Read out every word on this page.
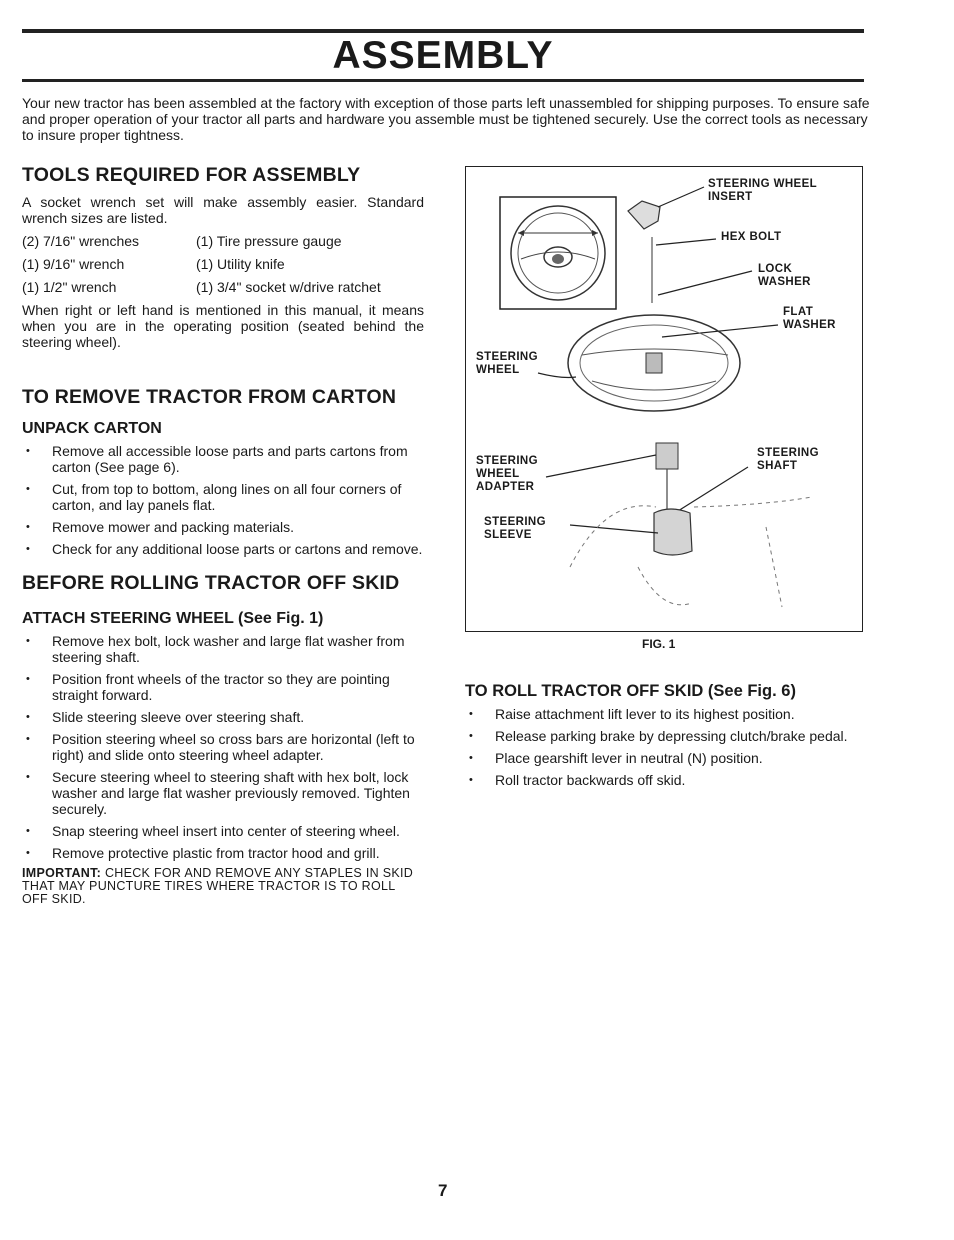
ASSEMBLY

Your new tractor has been assembled at the factory with exception of those parts left unassembled for shipping purposes. To ensure safe and proper operation of your tractor all parts and hardware you assemble must be tightened securely. Use the correct tools as necessary to insure proper tightness.

TOOLS REQUIRED FOR ASSEMBLY

A socket wrench set will make assembly easier. Standard wrench sizes are listed.

(2) 7/16" wrenches	(1) Tire pressure gauge
(1) 9/16" wrench	(1) Utility knife
(1) 1/2" wrench	(1) 3/4" socket w/drive ratchet

When right or left hand is mentioned in this manual, it means when you are in the operating position (seated behind the steering wheel).

TO REMOVE TRACTOR FROM CARTON
UNPACK CARTON
• Remove all accessible loose parts and parts cartons from carton (See page 6).
• Cut, from top to bottom, along lines on all four corners of carton, and lay panels flat.
• Remove mower and packing materials.
• Check for any additional loose parts or cartons and remove.
BEFORE ROLLING TRACTOR OFF SKID
ATTACH STEERING WHEEL (See Fig. 1)
• Remove hex bolt, lock washer and large flat washer from steering shaft.
• Position front wheels of the tractor so they are pointing straight forward.
• Slide steering sleeve over steering shaft.
• Position steering wheel so cross bars are horizontal (left to right) and slide onto steering wheel adapter.
• Secure steering wheel to steering shaft with hex bolt, lock washer and large flat washer previously removed. Tighten securely.
• Snap steering wheel insert into center of steering wheel.
• Remove protective plastic from tractor hood and grill.

IMPORTANT: CHECK FOR AND REMOVE ANY STAPLES IN SKID THAT MAY PUNCTURE TIRES WHERE TRACTOR IS TO ROLL OFF SKID.

STEERING WHEEL
INSERT
HEX BOLT
LOCK
WASHER
FLAT
WASHER
STEERING
WHEEL
STEERING
WHEEL
ADAPTER
STEERING
SHAFT
STEERING
SLEEVE
FIG. 1
TO ROLL TRACTOR OFF SKID (See Fig. 6)
• Raise attachment lift lever to its highest position.
• Release parking brake by depressing clutch/brake pedal.
• Place gearshift lever in neutral (N) position.
• Roll tractor backwards off skid.
7
